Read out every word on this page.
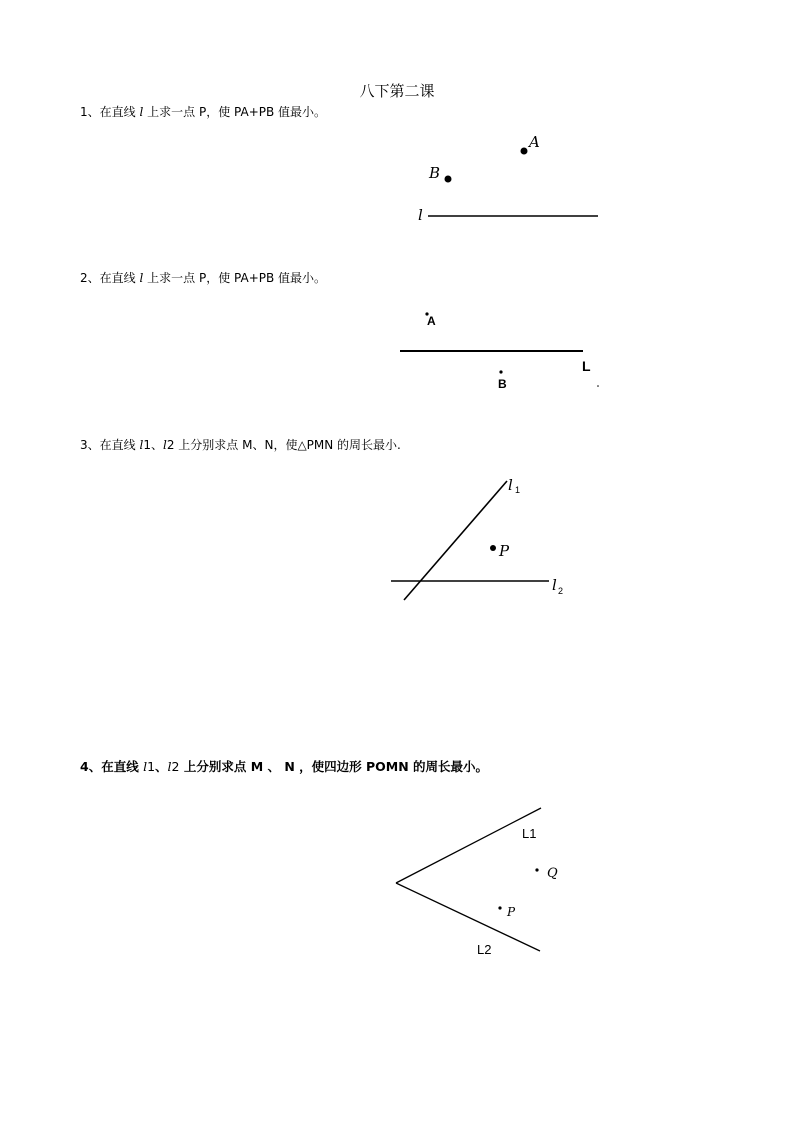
八下第二课
1、在直线 l 上求一点 P，使 PA+PB 值最小。
A
B
l
2、在直线 l 上求一点 P，使 PA+PB 值最小。
A
L
B
3、在直线 l1、l2 上分别求点 M、N，使△PMN 的周长最小.
l 1
l 2
P
4、在直线 l1、l2 上分别求点 M 、 N ，使四边形 POMN 的周长最小。
L1
L2
Q
P
